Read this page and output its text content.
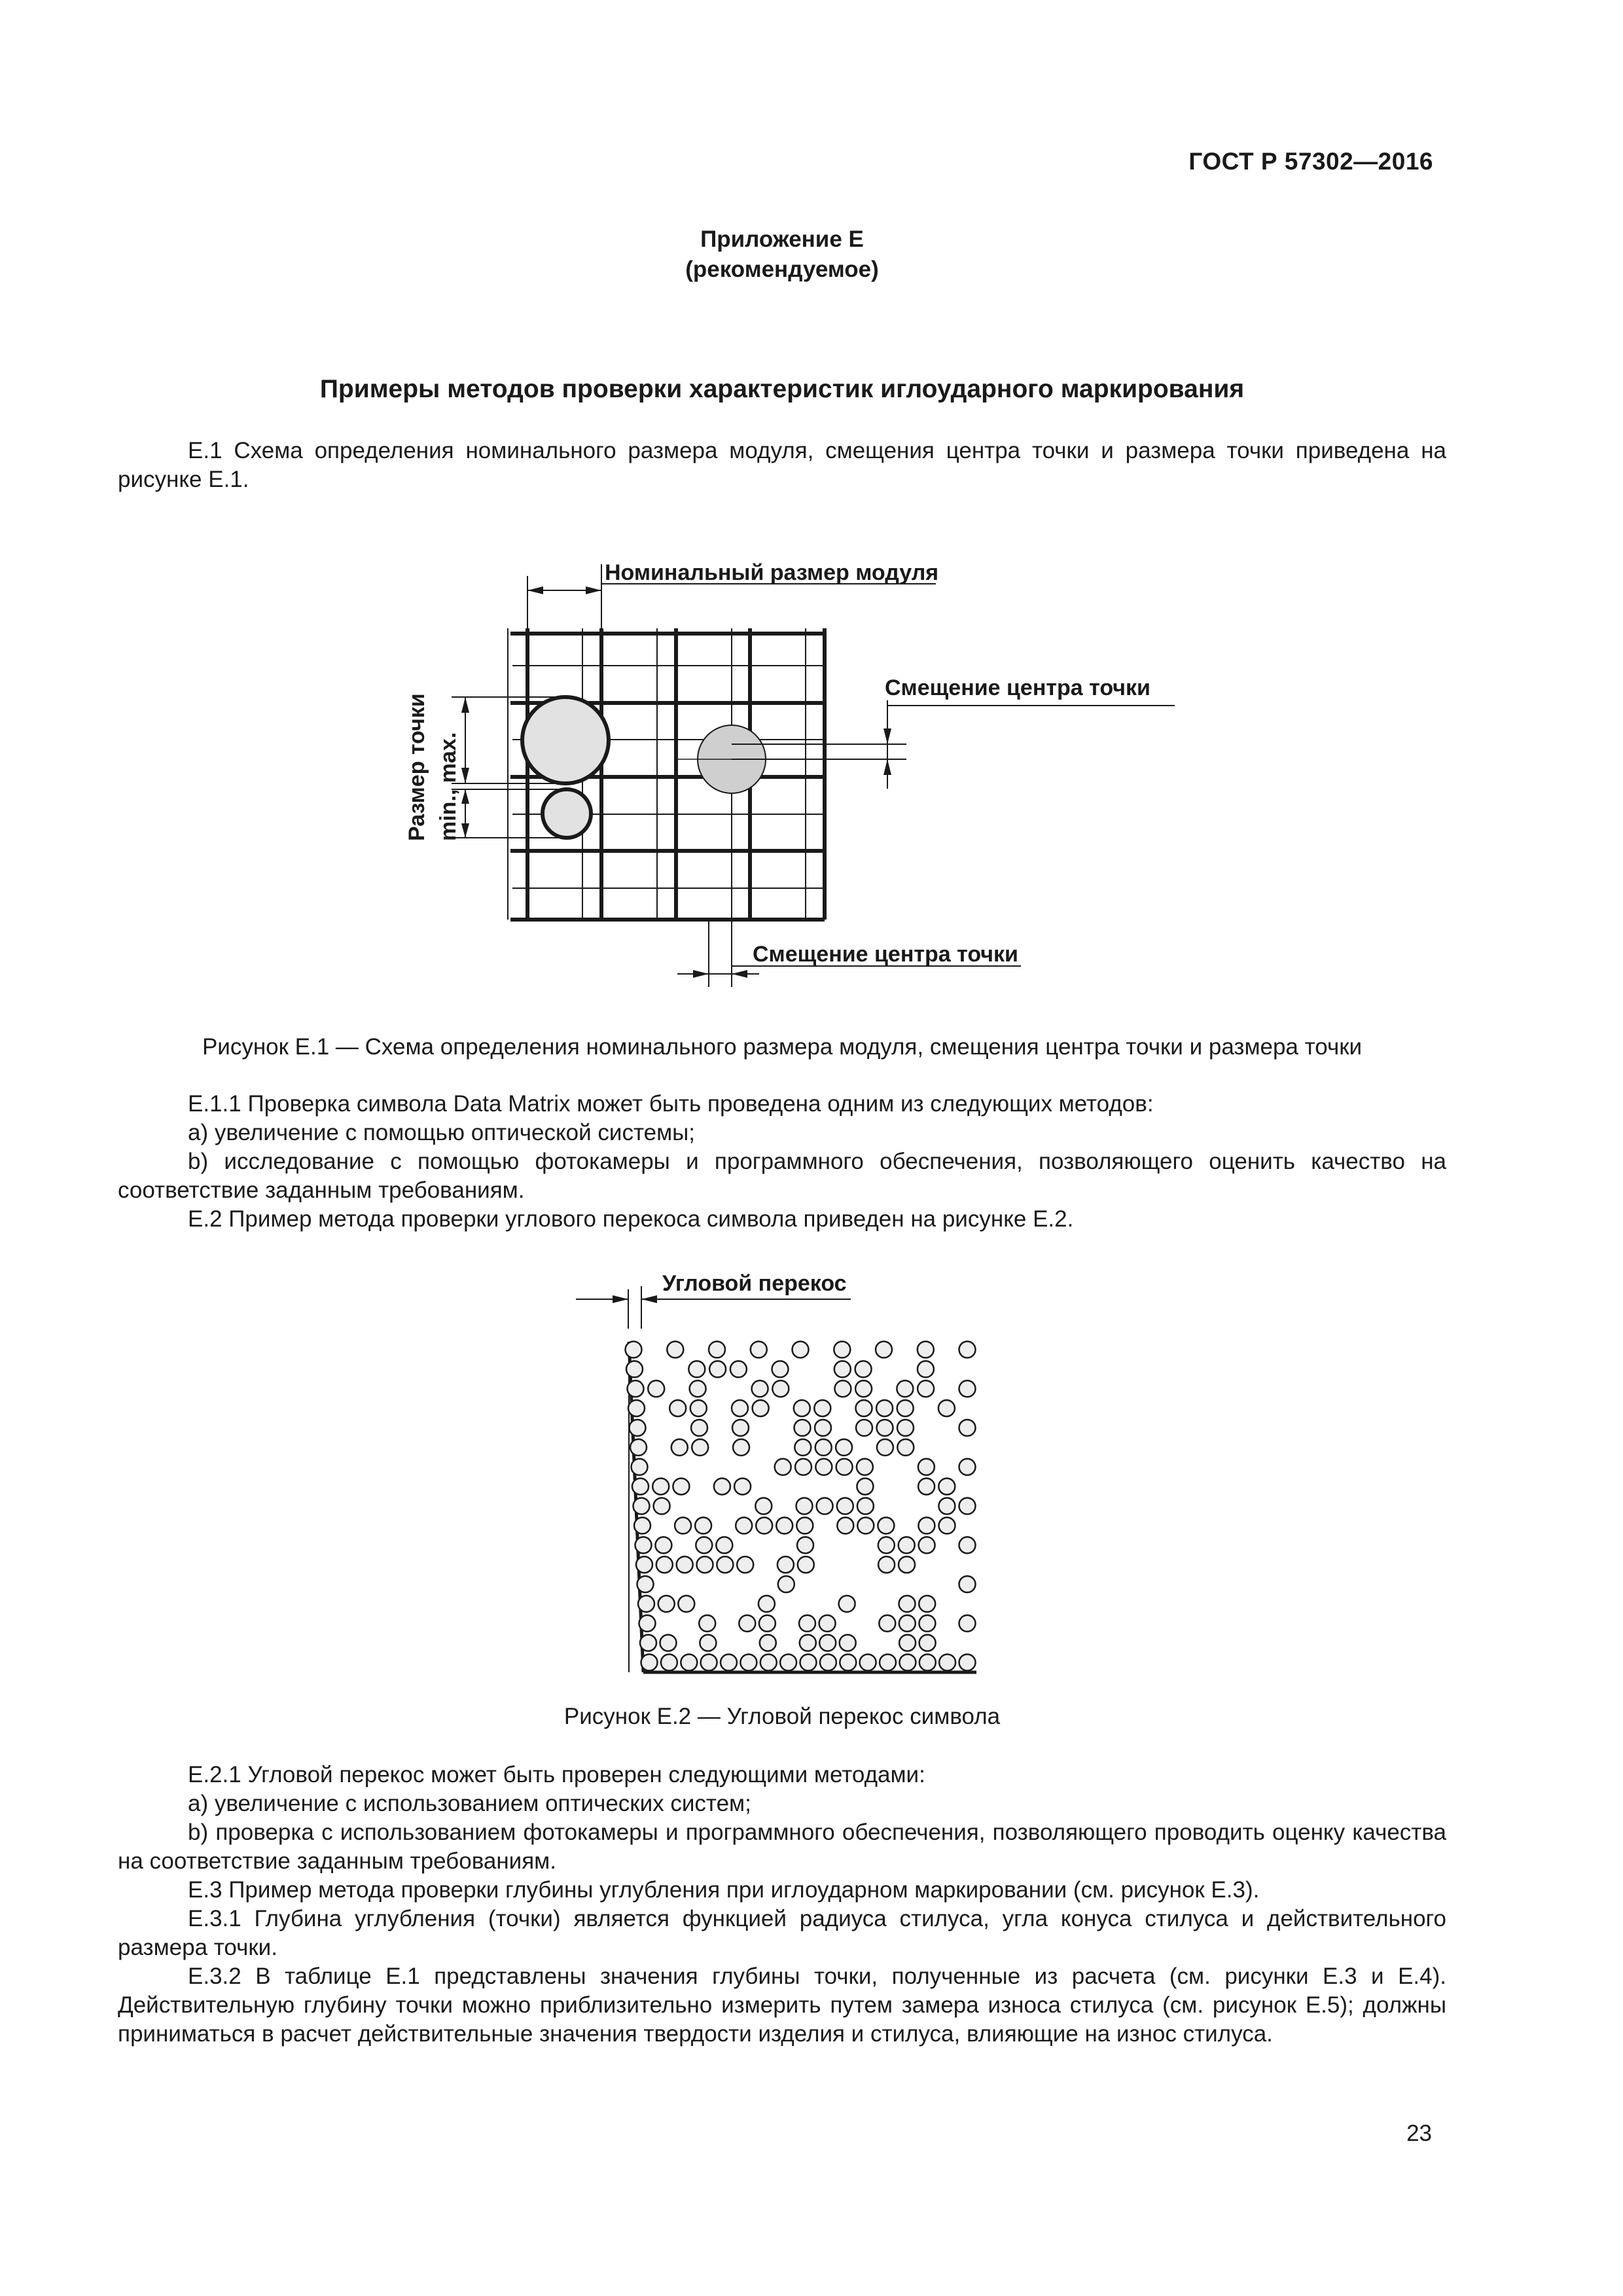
ГОСТ Р 57302—2016
Приложение Е
(рекомендуемое)
Примеры методов проверки характеристик иглоударного маркирования
Е.1 Схема определения номинального размера модуля, смещения центра точки и размера точки приведена на рисунке Е.1.
Номинальный размер модуля
Смещение центра точки
Смещение центра точки
Размер точки min., max.
Рисунок Е.1 — Схема определения номинального размера модуля, смещения центра точки и размера точки
Е.1.1 Проверка символа Data Matrix может быть проведена одним из следующих методов:
a) увеличение с помощью оптической системы;
b) исследование с помощью фотокамеры и программного обеспечения, позволяющего оценить качество на соответствие заданным требованиям.
Е.2 Пример метода проверки углового перекоса символа приведен на рисунке Е.2.
Угловой перекос
Рисунок Е.2 — Угловой перекос символа
Е.2.1 Угловой перекос может быть проверен следующими методами:
a) увеличение с использованием оптических систем;
b) проверка с использованием фотокамеры и программного обеспечения, позволяющего проводить оценку качества на соответствие заданным требованиям.
Е.3 Пример метода проверки глубины углубления при иглоударном маркировании (см. рисунок Е.3).
Е.3.1 Глубина углубления (точки) является функцией радиуса стилуса, угла конуса стилуса и действительного размера точки.
Е.3.2 В таблице Е.1 представлены значения глубины точки, полученные из расчета (см. рисунки Е.3 и Е.4). Действительную глубину точки можно приблизительно измерить путем замера износа стилуса (см. рисунок Е.5); должны приниматься в расчет действительные значения твердости изделия и стилуса, влияющие на износ стилуса.
23
